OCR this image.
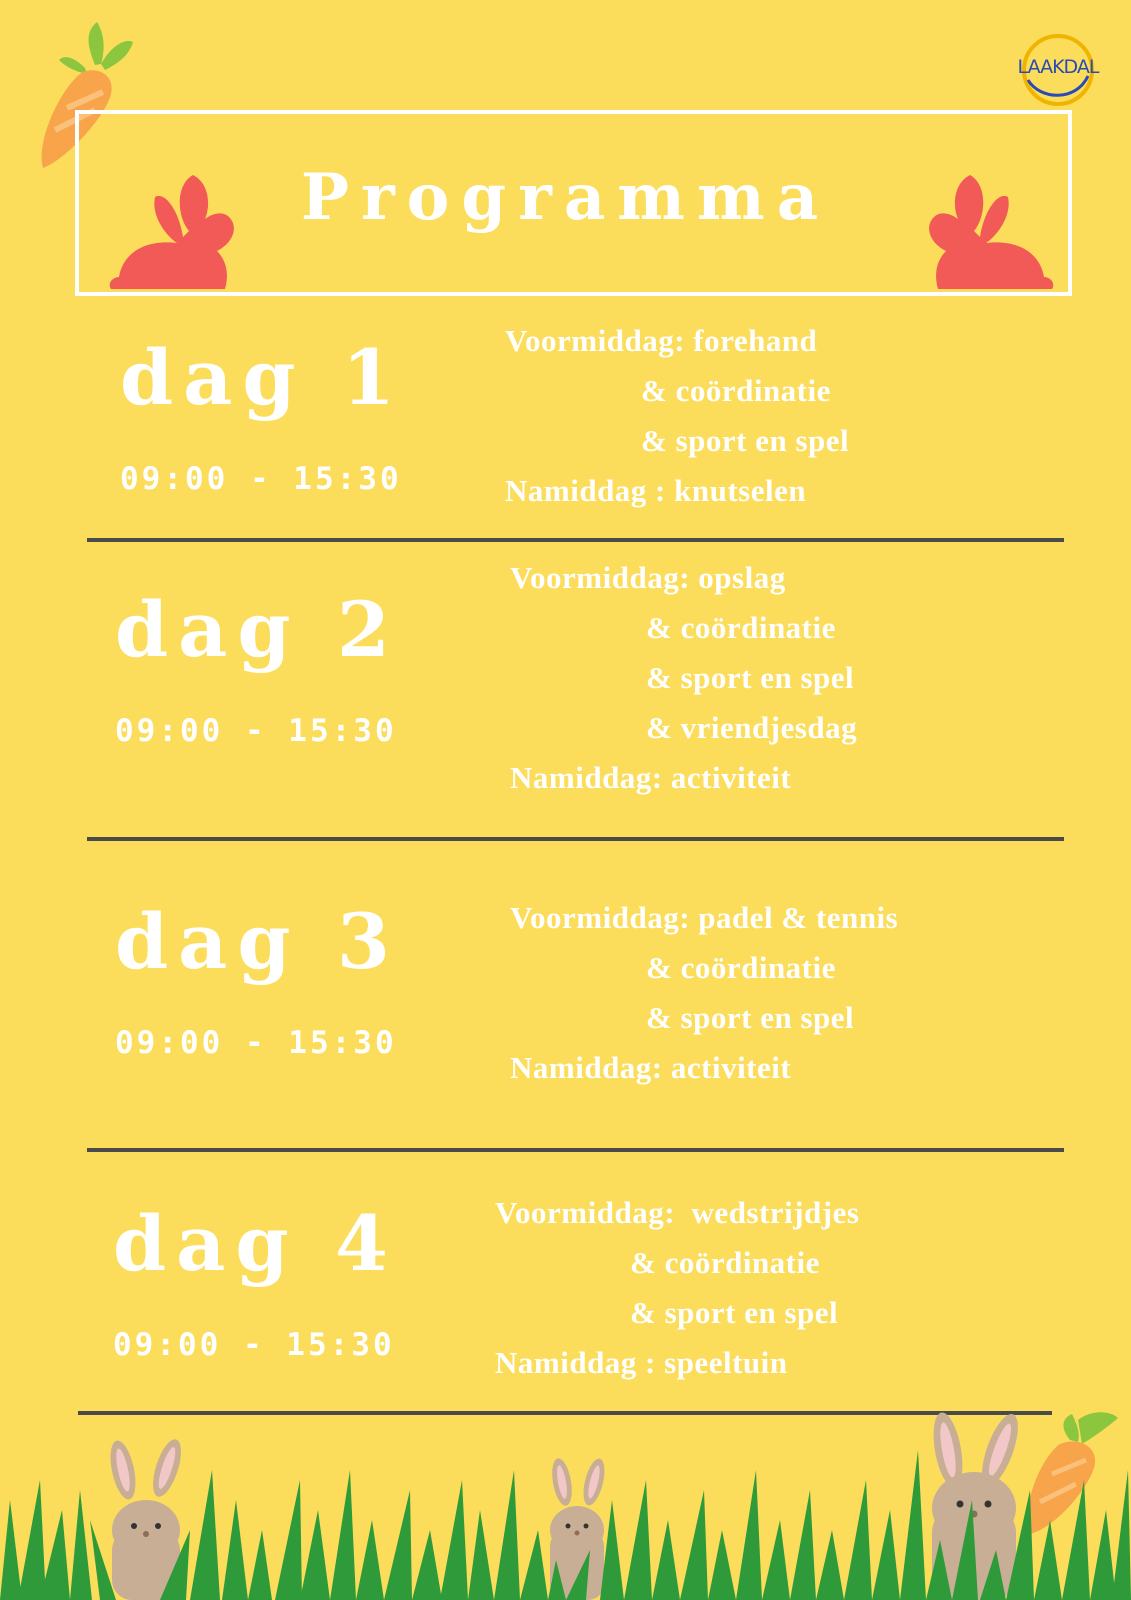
LAAKDAL
Programma
dag 1
09:00 - 15:30
Voormiddag: forehand
& coördinatie
& sport en spel
Namiddag : knutselen
dag 2
09:00 - 15:30
Voormiddag: opslag
& coördinatie
& sport en spel
& vriendjesdag
Namiddag: activiteit
dag 3
09:00 - 15:30
Voormiddag: padel & tennis
& coördinatie
& sport en spel
Namiddag: activiteit
dag 4
09:00 - 15:30
Voormiddag:  wedstrijdjes
& coördinatie
& sport en spel
Namiddag : speeltuin
